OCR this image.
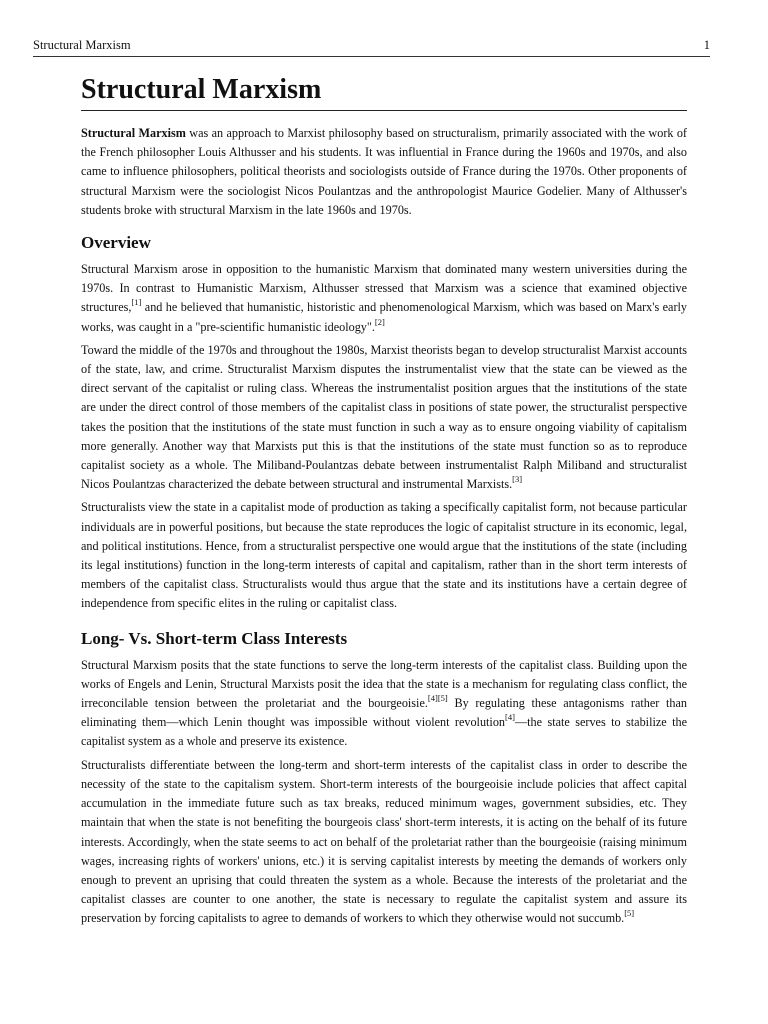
Structural Marxism	1
Structural Marxism

Structural Marxism was an approach to Marxist philosophy based on structuralism, primarily associated with the work of the French philosopher Louis Althusser and his students. It was influential in France during the 1960s and 1970s, and also came to influence philosophers, political theorists and sociologists outside of France during the 1970s. Other proponents of structural Marxism were the sociologist Nicos Poulantzas and the anthropologist Maurice Godelier. Many of Althusser's students broke with structural Marxism in the late 1960s and 1970s.

Overview

Structural Marxism arose in opposition to the humanistic Marxism that dominated many western universities during the 1970s. In contrast to Humanistic Marxism, Althusser stressed that Marxism was a science that examined objective structures,[1] and he believed that humanistic, historistic and phenomenological Marxism, which was based on Marx's early works, was caught in a "pre-scientific humanistic ideology".[2]

Toward the middle of the 1970s and throughout the 1980s, Marxist theorists began to develop structuralist Marxist accounts of the state, law, and crime. Structuralist Marxism disputes the instrumentalist view that the state can be viewed as the direct servant of the capitalist or ruling class. Whereas the instrumentalist position argues that the institutions of the state are under the direct control of those members of the capitalist class in positions of state power, the structuralist perspective takes the position that the institutions of the state must function in such a way as to ensure ongoing viability of capitalism more generally. Another way that Marxists put this is that the institutions of the state must function so as to reproduce capitalist society as a whole. The Miliband-Poulantzas debate between instrumentalist Ralph Miliband and structuralist Nicos Poulantzas characterized the debate between structural and instrumental Marxists.[3]

Structuralists view the state in a capitalist mode of production as taking a specifically capitalist form, not because particular individuals are in powerful positions, but because the state reproduces the logic of capitalist structure in its economic, legal, and political institutions. Hence, from a structuralist perspective one would argue that the institutions of the state (including its legal institutions) function in the long-term interests of capital and capitalism, rather than in the short term interests of members of the capitalist class. Structuralists would thus argue that the state and its institutions have a certain degree of independence from specific elites in the ruling or capitalist class.

Long- Vs. Short-term Class Interests

Structural Marxism posits that the state functions to serve the long-term interests of the capitalist class. Building upon the works of Engels and Lenin, Structural Marxists posit the idea that the state is a mechanism for regulating class conflict, the irreconcilable tension between the proletariat and the bourgeoisie.[4][5] By regulating these antagonisms rather than eliminating them—which Lenin thought was impossible without violent revolution[4]—the state serves to stabilize the capitalist system as a whole and preserve its existence.

Structuralists differentiate between the long-term and short-term interests of the capitalist class in order to describe the necessity of the state to the capitalism system. Short-term interests of the bourgeoisie include policies that affect capital accumulation in the immediate future such as tax breaks, reduced minimum wages, government subsidies, etc. They maintain that when the state is not benefiting the bourgeois class' short-term interests, it is acting on the behalf of its future interests. Accordingly, when the state seems to act on behalf of the proletariat rather than the bourgeoisie (raising minimum wages, increasing rights of workers' unions, etc.) it is serving capitalist interests by meeting the demands of workers only enough to prevent an uprising that could threaten the system as a whole. Because the interests of the proletariat and the capitalist classes are counter to one another, the state is necessary to regulate the capitalist system and assure its preservation by forcing capitalists to agree to demands of workers to which they otherwise would not succumb.[5]
